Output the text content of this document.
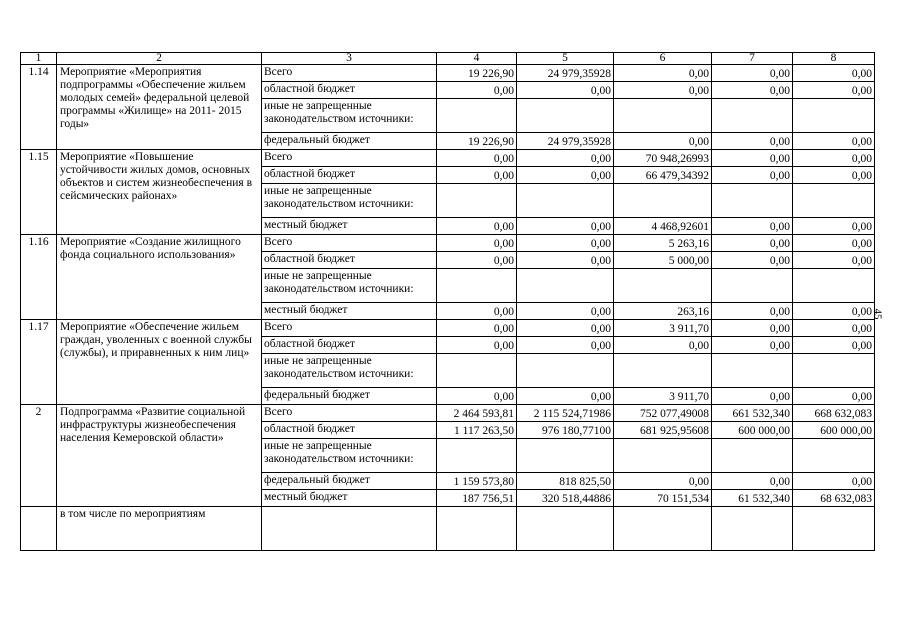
1	2	3	4	5	6	7	8
1.14	Мероприятие «Мероприятия подпрограммы «Обеспечение жильем молодых семей» федеральной целевой программы «Жилище» на 2011- 2015 годы»	Всего	19 226,90	24 979,35928	0,00	0,00	0,00
		областной бюджет	0,00	0,00	0,00	0,00	0,00
		иные не запрещенные законодательством источники:					
		федеральный бюджет	19 226,90	24 979,35928	0,00	0,00	0,00
1.15	Мероприятие «Повышение устойчивости жилых домов, основных объектов и систем жизнеобеспечения в сейсмических районах»	Всего	0,00	0,00	70 948,26993	0,00	0,00
		областной бюджет	0,00	0,00	66 479,34392	0,00	0,00
		иные не запрещенные законодательством источники:					
		местный бюджет	0,00	0,00	4 468,92601	0,00	0,00
1.16	Мероприятие «Создание жилищного фонда социального использования»	Всего	0,00	0,00	5 263,16	0,00	0,00
		областной бюджет	0,00	0,00	5 000,00	0,00	0,00
		иные не запрещенные законодательством источники:					
		местный бюджет	0,00	0,00	263,16	0,00	0,00
1.17	Мероприятие «Обеспечение жильем граждан, уволенных с военной службы (службы), и приравненных к ним лиц»	Всего	0,00	0,00	3 911,70	0,00	0,00
		областной бюджет	0,00	0,00	0,00	0,00	0,00
		иные не запрещенные законодательством источники:					
		федеральный бюджет	0,00	0,00	3 911,70	0,00	0,00
2	Подпрограмма «Развитие социальной инфраструктуры жизнеобеспечения населения Кемеровской области»	Всего	2 464 593,81	2 115 524,71986	752 077,49008	661 532,340	668 632,083
		областной бюджет	1 117 263,50	976 180,77100	681 925,95608	600 000,00	600 000,00
		иные не запрещенные законодательством источники:					
		федеральный бюджет	1 159 573,80	818 825,50	0,00	0,00	0,00
		местный бюджет	187 756,51	320 518,44886	70 151,534	61 532,340	68 632,083
	в том числе по мероприятиям						
45
